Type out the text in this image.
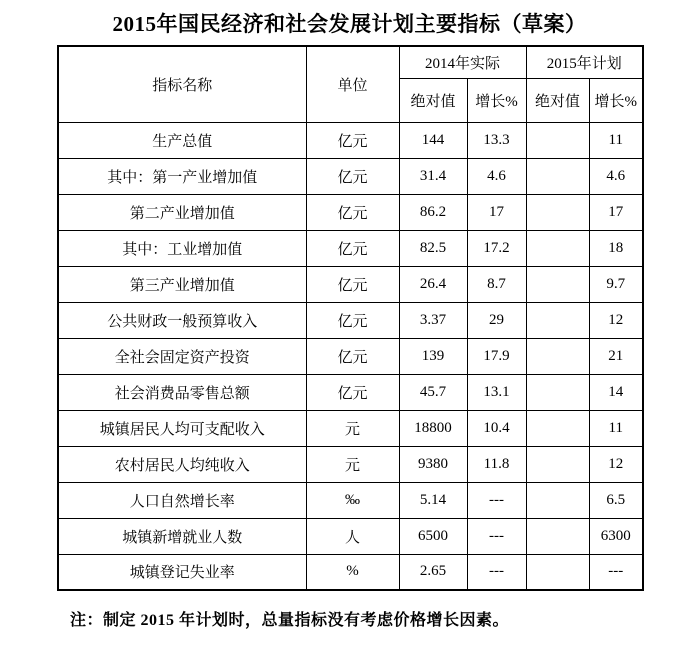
2015年国民经济和社会发展计划主要指标（草案）
指标名称	单位	2014年实际		2015年计划	
		绝对值	增长%	绝对值	增长%
生产总值	亿元	144	13.3		11
其中：第一产业增加值	亿元	31.4	4.6		4.6
第二产业增加值	亿元	86.2	17		17
其中：工业增加值	亿元	82.5	17.2		18
第三产业增加值	亿元	26.4	8.7		9.7
公共财政一般预算收入	亿元	3.37	29		12
全社会固定资产投资	亿元	139	17.9		21
社会消费品零售总额	亿元	45.7	13.1		14
城镇居民人均可支配收入	元	18800	10.4		11
农村居民人均纯收入	元	9380	11.8		12
人口自然增长率	‰	5.14	---		6.5
城镇新增就业人数	人	6500	---		6300
城镇登记失业率	%	2.65	---		---
注：制定 2015 年计划时，总量指标没有考虑价格增长因素。
